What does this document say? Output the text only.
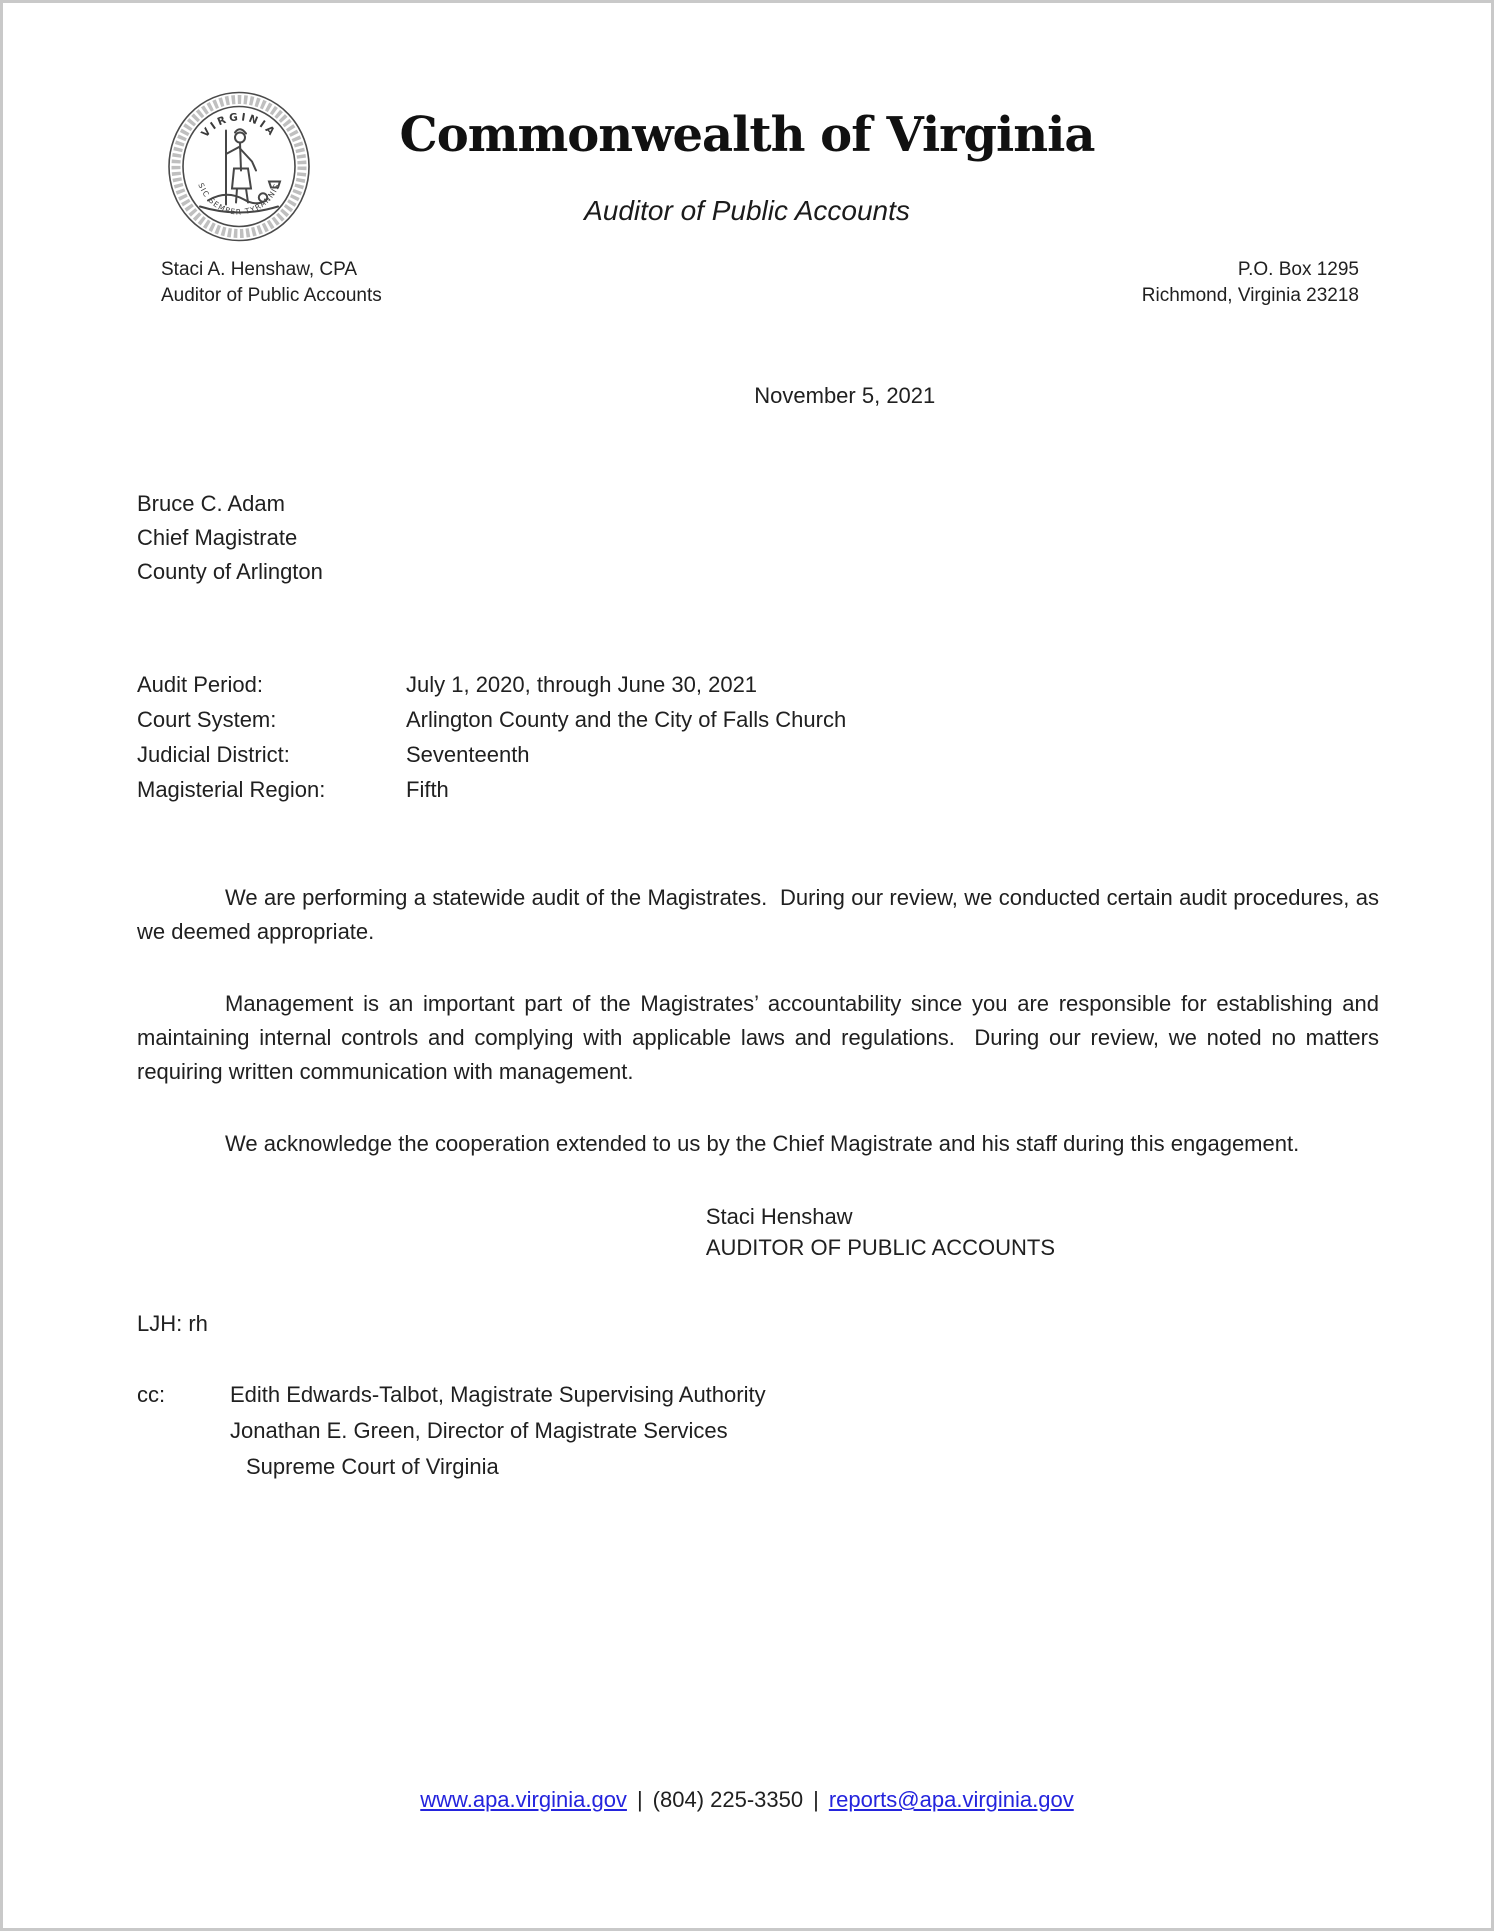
VIRGINIA
SIC SEMPER TYRANNIS
Commonwealth of Virginia
Auditor of Public Accounts
Staci A. Henshaw, CPA
Auditor of Public Accounts
P.O. Box 1295
Richmond, Virginia 23218
November 5, 2021
Bruce C. Adam
Chief Magistrate
County of Arlington
Audit Period:	July 1, 2020, through June 30, 2021
Court System:	Arlington County and the City of Falls Church
Judicial District:	Seventeenth
Magisterial Region:	Fifth

We are performing a statewide audit of the Magistrates.  During our review, we conducted certain audit procedures, as we deemed appropriate.

Management is an important part of the Magistrates’ accountability since you are responsible for establishing and maintaining internal controls and complying with applicable laws and regulations.  During our review, we noted no matters requiring written communication with management.

We acknowledge the cooperation extended to us by the Chief Magistrate and his staff during this engagement.

Staci Henshaw
AUDITOR OF PUBLIC ACCOUNTS
LJH: rh
cc:	Edith Edwards-Talbot, Magistrate Supervising Authority
Jonathan E. Green, Director of Magistrate Services
Supreme Court of Virginia
www.apa.virginia.gov | (804) 225-3350 | reports@apa.virginia.gov
